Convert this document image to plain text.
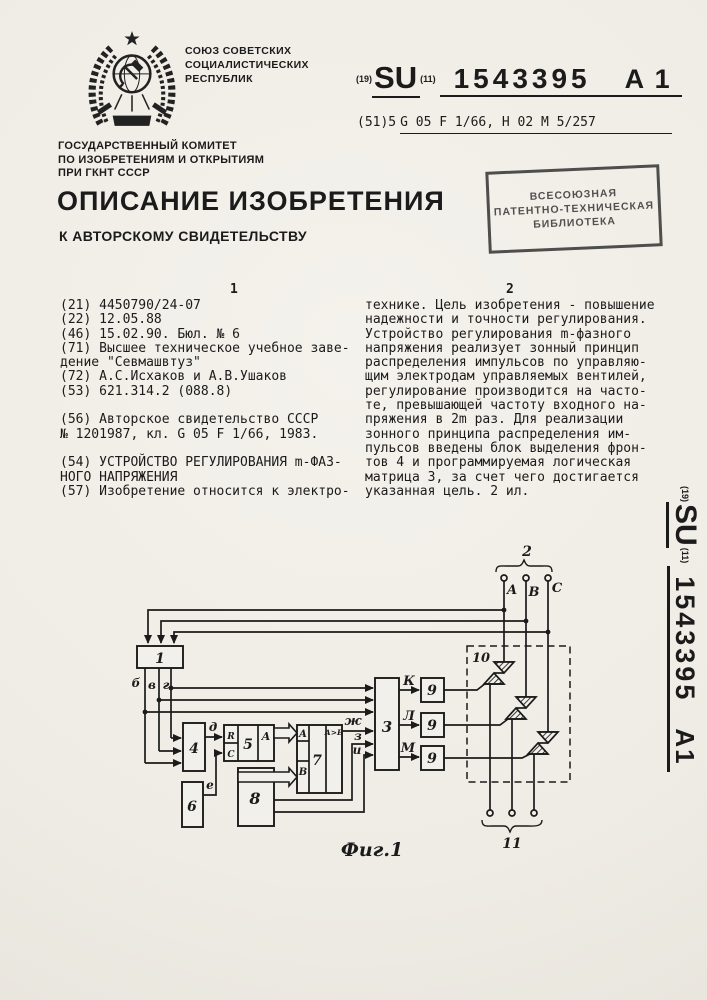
СОЮЗ СОВЕТСКИХ
СОЦИАЛИСТИЧЕСКИХ
РЕСПУБЛИК	$^{(19)}$SU $^{(11)}$ 1543395 A 1
(51)5 G 05 F 1/66, H 02 M 5/257
ГОСУДАРСТВЕННЫЙ КОМИТЕТ
ПО ИЗОБРЕТЕНИЯМ И ОТКРЫТИЯМ
ПРИ ГКНТ СССР
ОПИСАНИЕ ИЗОБРЕТЕНИЯ
К АВТОРСКОМУ СВИДЕТЕЛЬСТВУ
ВСЕСОЮЗНАЯ
ПАТЕНТНО-ТЕХНИЧЕСКАЯ
БИБЛИОТЕКА
1	2
(21) 4450790/24-07
(22) 12.05.88
(46) 15.02.90. Бюл. № 6
(71) Высшее техническое учебное заве-
дение "Севмашвтуз"
(72) А.С.Исхаков и А.В.Ушаков
(53) 621.314.2 (088.8)

(56) Авторское свидетельство СССР
№ 1201987, кл. G 05 F 1/66, 1983.

(54) УСТРОЙСТВО РЕГУЛИРОВАНИЯ m-ФАЗ-
НОГО НАПРЯЖЕНИЯ
(57) Изобретение относится к электро-
технике. Цель изобретения - повышение
надежности и точности регулирования.
Устройство регулирования m-фазного
напряжения реализует зонный принцип
распределения импульсов по управляю-
щим электродам управляемых вентилей,
регулирование производится на часто-
те, превышающей частоту входного на-
пряжения в 2m раз. Для реализации
зонного принципа распределения им-
пульсов введены блок выделения фрон-
тов 4 и программируемая логическая
матрица 3, за счет чего достигается
указанная цель. 2 ил.	$^{(19)}$SU$^{(11)}$1543395A1
1
4
6
5
7
8
3
9
9
9
R
C
А	А
В
А>В
б в г
д
е
ж
з
и
К
Л
М
А В С
2
10
11
Фиг.1
